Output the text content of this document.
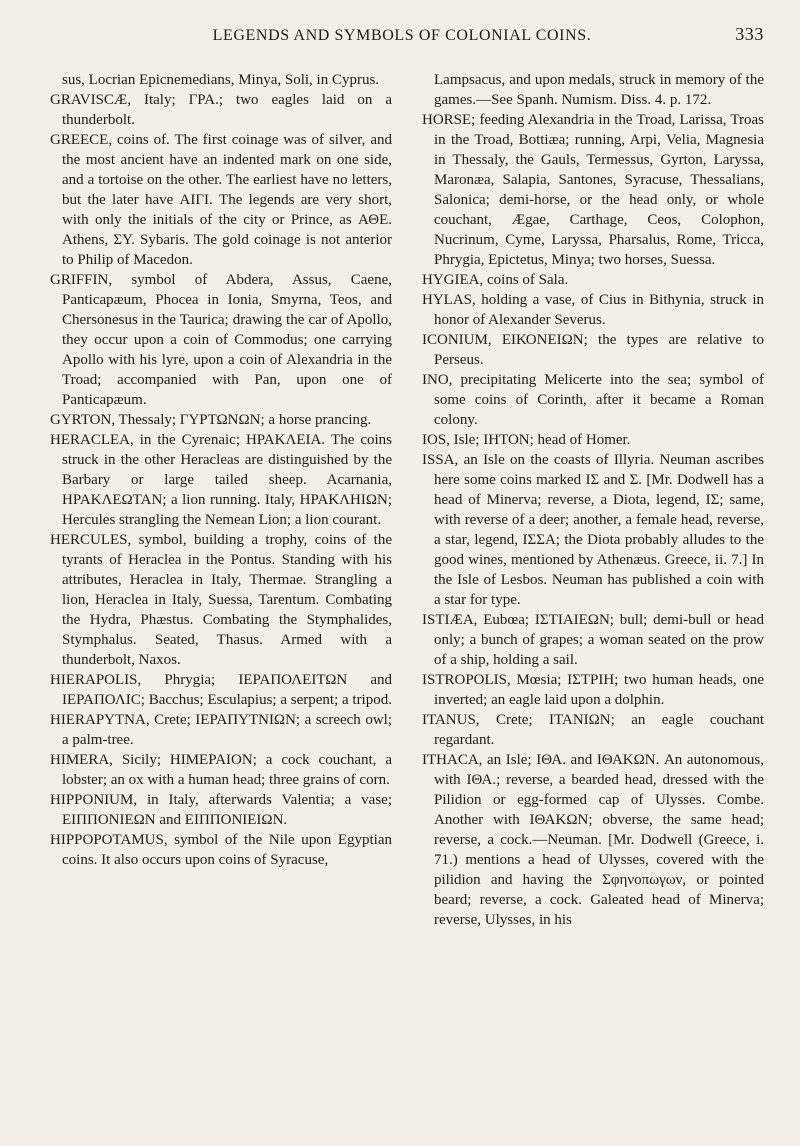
LEGENDS AND SYMBOLS OF COLONIAL COINS.	333

sus, Locrian Epicnemedians, Minya, Soli, in Cyprus.

GRAVISCÆ, Italy; ΓΡΑ.; two eagles laid on a thunderbolt.

GREECE, coins of. The first coinage was of silver, and the most ancient have an indented mark on one side, and a tortoise on the other. The earliest have no letters, but the later have ΑΙΓΙ. The legends are very short, with only the initials of the city or Prince, as ΑΘΕ. Athens, ΣΥ. Sybaris. The gold coinage is not anterior to Philip of Macedon.

GRIFFIN, symbol of Abdera, Assus, Caene, Panticapæum, Phocea in Ionia, Smyrna, Teos, and Chersonesus in the Taurica; drawing the car of Apollo, they occur upon a coin of Commodus; one carrying Apollo with his lyre, upon a coin of Alexandria in the Troad; accompanied with Pan, upon one of Panticapæum.

GYRTON, Thessaly; ΓΥΡΤΩΝΩΝ; a horse prancing.

HERACLEA, in the Cyrenaic; ΗΡΑΚΛΕΙΑ. The coins struck in the other Heracleas are distinguished by the Barbary or large tailed sheep. Acarnania, ΗΡΑΚΛΕΩΤΑΝ; a lion running. Italy, ΗΡΑΚΛΗΙΩΝ; Hercules strangling the Nemean Lion; a lion courant.

HERCULES, symbol, building a trophy, coins of the tyrants of Heraclea in the Pontus. Standing with his attributes, Heraclea in Italy, Thermae. Strangling a lion, Heraclea in Italy, Suessa, Tarentum. Combating the Hydra, Phæstus. Combating the Stymphalides, Stymphalus. Seated, Thasus. Armed with a thunderbolt, Naxos.

HIERAPOLIS, Phrygia; ΙΕΡΑΠΟΛΕΙΤΩΝ and ΙΕΡΑΠΟΛΙϹ; Bacchus; Esculapius; a serpent; a tripod.

HIERAPYTNA, Crete; ΙΕΡΑΠΥΤΝΙΩΝ; a screech owl; a palm-tree.

HIMERA, Sicily; ΗΙΜΕΡΑΙΟΝ; a cock couchant, a lobster; an ox with a human head; three grains of corn.

HIPPONIUM, in Italy, afterwards Valentia; a vase; ΕΙΠΠΟΝΙΕΩΝ and ΕΙΠΠΟΝΙΕΙΩΝ.

HIPPOPOTAMUS, symbol of the Nile upon Egyptian coins. It also occurs upon coins of Syracuse,

Lampsacus, and upon medals, struck in memory of the games.—See Spanh. Numism. Diss. 4. p. 172.

HORSE; feeding Alexandria in the Troad, Larissa, Troas in the Troad, Bottiæa; running, Arpi, Velia, Magnesia in Thessaly, the Gauls, Termessus, Gyrton, Laryssa, Maronæa, Salapia, Santones, Syracuse, Thessalians, Salonica; demi-horse, or the head only, or whole couchant, Ægae, Carthage, Ceos, Colophon, Nucrinum, Cyme, Laryssa, Pharsalus, Rome, Tricca, Phrygia, Epictetus, Minya; two horses, Suessa.

HYGIEA, coins of Sala.

HYLAS, holding a vase, of Cius in Bithynia, struck in honor of Alexander Severus.

ICONIUM, ΕΙΚΟΝΕΙΩΝ; the types are relative to Perseus.

INO, precipitating Melicerte into the sea; symbol of some coins of Corinth, after it became a Roman colony.

IOS, Isle; ΙΗΤΟΝ; head of Homer.

ISSA, an Isle on the coasts of Illyria. Neuman ascribes here some coins marked ΙΣ and Σ. [Mr. Dodwell has a head of Minerva; reverse, a Diota, legend, ΙΣ; same, with reverse of a deer; another, a female head, reverse, a star, legend, ΙΣΣΑ; the Diota probably alludes to the good wines, mentioned by Athenæus. Greece, ii. 7.] In the Isle of Lesbos. Neuman has published a coin with a star for type.

ISTIÆA, Eubœa; ΙΣΤΙΑΙΕΩΝ; bull; demi-bull or head only; a bunch of grapes; a woman seated on the prow of a ship, holding a sail.

ISTROPOLIS, Mœsia; ΙΣΤΡΙΗ; two human heads, one inverted; an eagle laid upon a dolphin.

ITANUS, Crete; ΙΤΑΝΙΩΝ; an eagle couchant regardant.

ITHACA, an Isle; ΙΘΑ. and ΙΘΑΚΩΝ. An autonomous, with ΙΘΑ.; reverse, a bearded head, dressed with the Pilidion or egg-formed cap of Ulysses. Combe. Another with ΙΘΑΚΩΝ; obverse, the same head; reverse, a cock.—Neuman. [Mr. Dodwell (Greece, i. 71.) mentions a head of Ulysses, covered with the pilidion and having the Σφηνοπωγων, or pointed beard; reverse, a cock. Galeated head of Minerva; reverse, Ulysses, in his
